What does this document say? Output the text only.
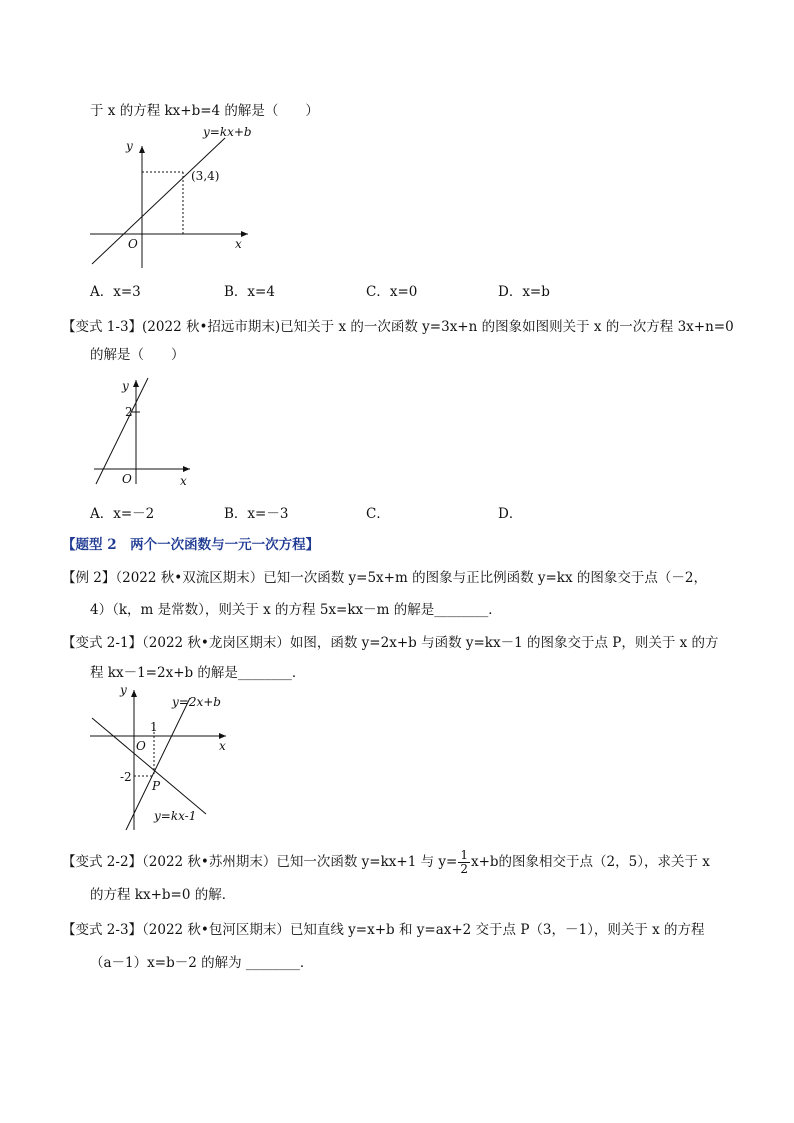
于 x 的方程 kx+b=4 的解是（　　）
y=kx+b
(3,4)
y
x
O
A．x=3	B．x=4	C．x=0	D．x=b
【变式 1-3】(2022 秋•招远市期末)已知关于 x 的一次函数 y=3x+n 的图象如图则关于 x 的一次方程 3x+n=0
的解是（　　）
y
x
O
2
A．x=－2	B．x=－3	C．	D．
【题型 2　两个一次函数与一元一次方程】
【例 2】（2022 秋•双流区期末）已知一次函数 y=5x+m 的图象与正比例函数 y=kx 的图象交于点（－2，
4）（k，m 是常数），则关于 x 的方程 5x=kx－m 的解是________．
【变式 2-1】（2022 秋•龙岗区期末）如图，函数 y=2x+b 与函数 y=kx－1 的图象交于点 P，则关于 x 的方
程 kx－1=2x+b 的解是________．
y=2x+b
y=kx-1
y
x
O
1
-2
P
【变式 2-2】（2022 秋•苏州期末）已知一次函数 y=kx+1 与 $y= \frac{1}{2} x+b$的图象相交于点（2，5），求关于 x
的方程 kx+b=0 的解．
【变式 2-3】（2022 秋•包河区期末）已知直线 y=x+b 和 y=ax+2 交于点 P（3，－1），则关于 x 的方程
（a－1）x=b－2 的解为 ________．
